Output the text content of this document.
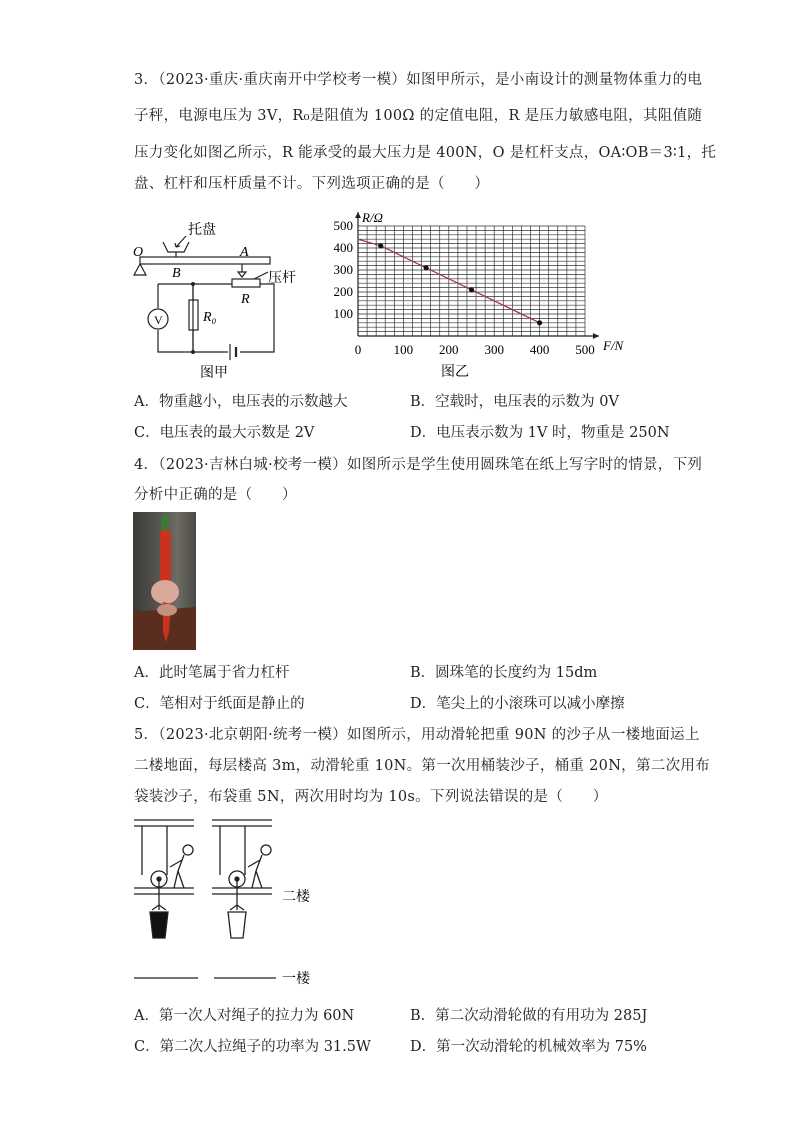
3．（2023·重庆·重庆南开中学校考一模）如图甲所示，是小南设计的测量物体重力的电
子秤，电源电压为 3V，R₀是阻值为 100Ω 的定值电阻，R 是压力敏感电阻，其阻值随
压力变化如图乙所示，R 能承受的最大压力是 400N，O 是杠杆支点，OA∶OB＝3∶1，托
盘、杠杆和压杆质量不计。下列选项正确的是（　　）
托盘
压杆
O	A
B
R
R₀
V
图甲
R/Ω
F/N
0 100 200 300 400 500
100
200
300
400
500
图乙
A．物重越小，电压表的示数越大	B．空载时，电压表的示数为 0V
C．电压表的最大示数是 2V	D．电压表示数为 1V 时，物重是 250N
4．（2023·吉林白城·校考一模）如图所示是学生使用圆珠笔在纸上写字时的情景，下列
分析中正确的是（　　）
A．此时笔属于省力杠杆	B．圆珠笔的长度约为 15dm
C．笔相对于纸面是静止的	D．笔尖上的小滚珠可以减小摩擦
5．（2023·北京朝阳·统考一模）如图所示，用动滑轮把重 90N 的沙子从一楼地面运上
二楼地面，每层楼高 3m，动滑轮重 10N。第一次用桶装沙子，桶重 20N，第二次用布
袋装沙子，布袋重 5N，两次用时均为 10s。下列说法错误的是（　　）
二楼
一楼
A．第一次人对绳子的拉力为 60N	B．第二次动滑轮做的有用功为 285J
C．第二次人拉绳子的功率为 31.5W	D．第一次动滑轮的机械效率为 75%
